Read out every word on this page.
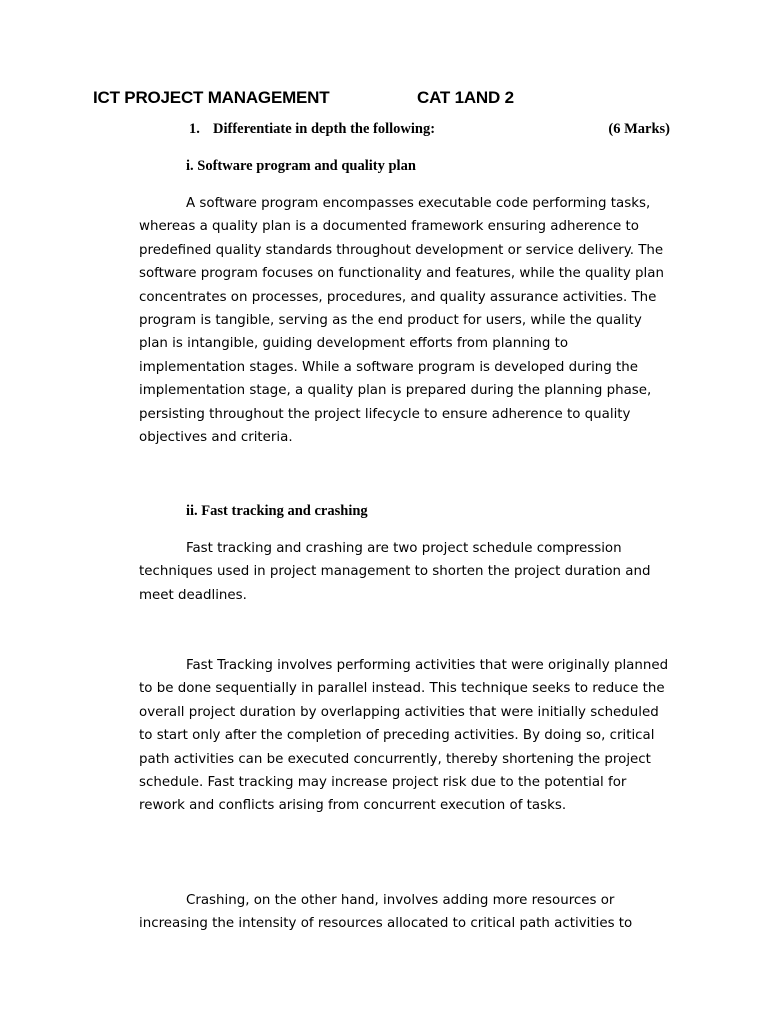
ICT PROJECT MANAGEMENT	CAT 1AND 2
1. Differentiate in depth the following:	(6 Marks)
i. Software program and quality plan

A software program encompasses executable code performing tasks, whereas a quality plan is a documented framework ensuring adherence to predefined quality standards throughout development or service delivery. The software program focuses on functionality and features, while the quality plan concentrates on processes, procedures, and quality assurance activities. The program is tangible, serving as the end product for users, while the quality plan is intangible, guiding development efforts from planning to implementation stages. While a software program is developed during the implementation stage, a quality plan is prepared during the planning phase, persisting throughout the project lifecycle to ensure adherence to quality objectives and criteria.

ii. Fast tracking and crashing

Fast tracking and crashing are two project schedule compression techniques used in project management to shorten the project duration and meet deadlines.

Fast Tracking involves performing activities that were originally planned to be done sequentially in parallel instead. This technique seeks to reduce the overall project duration by overlapping activities that were initially scheduled to start only after the completion of preceding activities. By doing so, critical path activities can be executed concurrently, thereby shortening the project schedule. Fast tracking may increase project risk due to the potential for rework and conflicts arising from concurrent execution of tasks.

Crashing, on the other hand, involves adding more resources or increasing the intensity of resources allocated to critical path activities to
